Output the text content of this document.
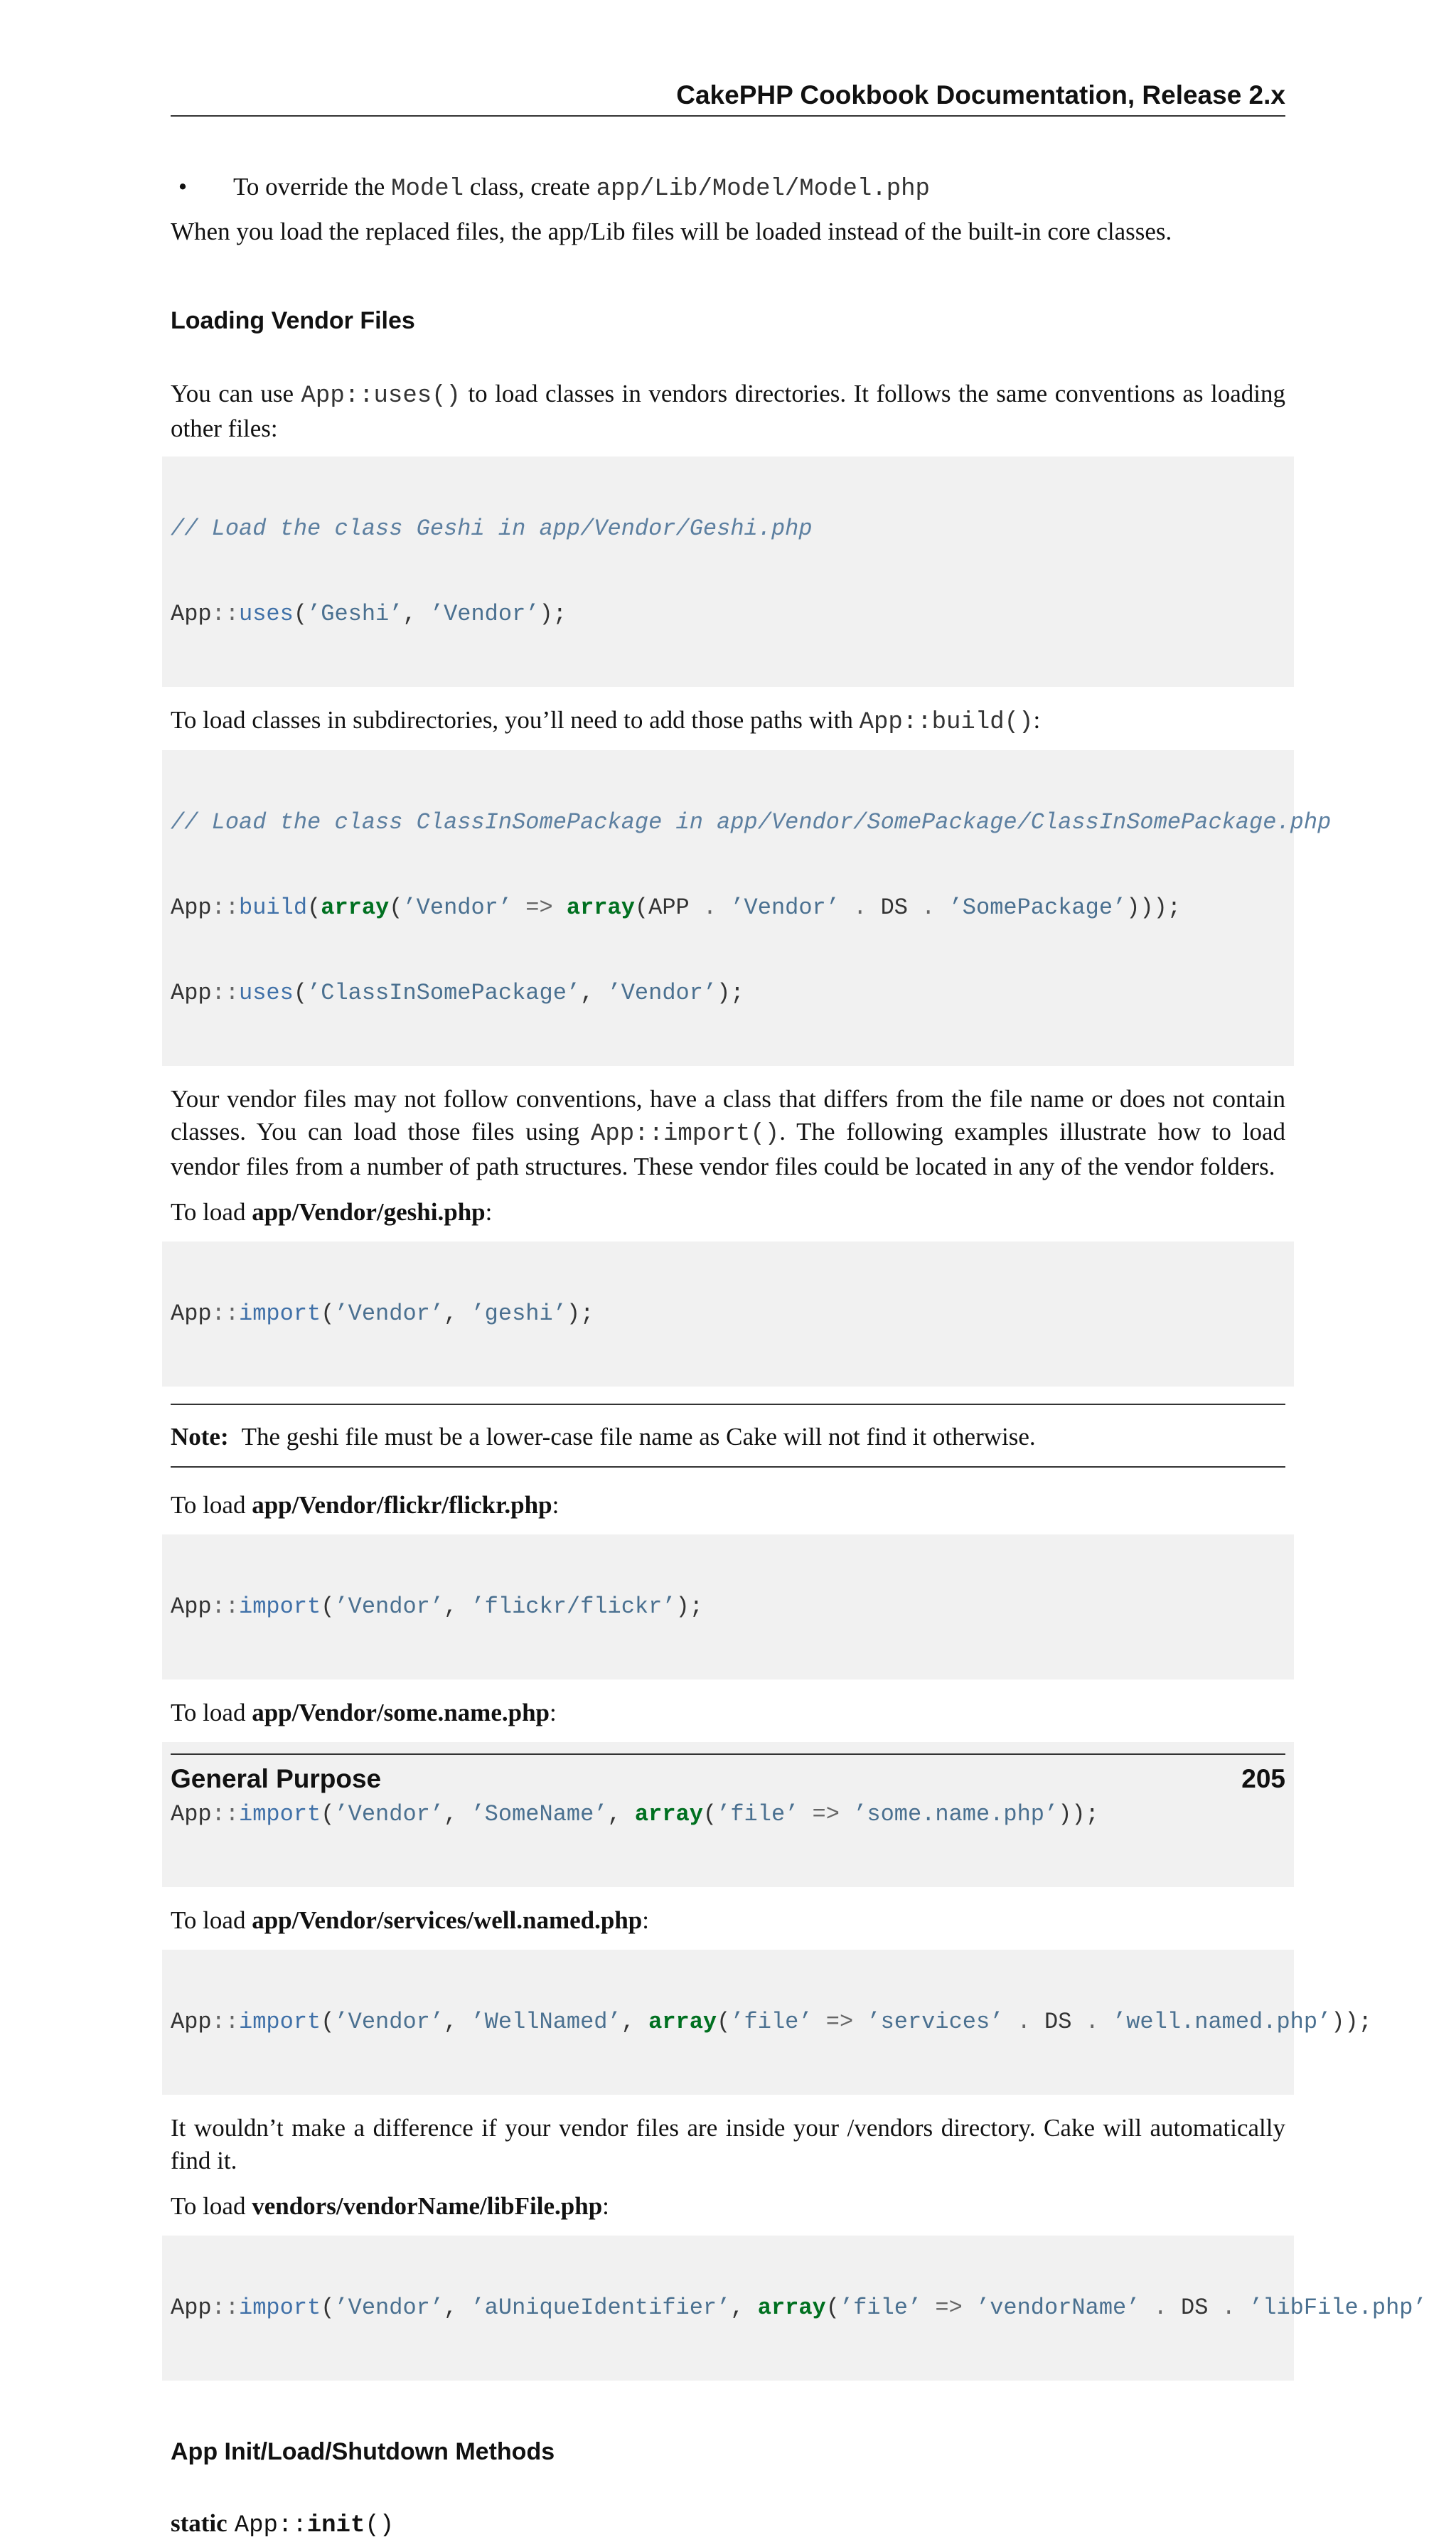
CakePHP Cookbook Documentation, Release 2.x
• To override the Model class, create app/Lib/Model/Model.php

When you load the replaced files, the app/Lib files will be loaded instead of the built-in core classes.

Loading Vendor Files

You can use App::uses() to load classes in vendors directories. It follows the same conventions as loading other files:

// Load the class Geshi in app/Vendor/Geshi.php

App::uses(’Geshi’, ’Vendor’);

To load classes in subdirectories, you’ll need to add those paths with App::build():

// Load the class ClassInSomePackage in app/Vendor/SomePackage/ClassInSomePackage.php

App::build(array(’Vendor’ => array(APP . ’Vendor’ . DS . ’SomePackage’)));

App::uses(’ClassInSomePackage’, ’Vendor’);

Your vendor files may not follow conventions, have a class that differs from the file name or does not contain classes. You can load those files using App::import(). The following examples illustrate how to load vendor files from a number of path structures. These vendor files could be located in any of the vendor folders.

To load app/Vendor/geshi.php:

App::import(’Vendor’, ’geshi’);

Note: The geshi file must be a lower-case file name as Cake will not find it otherwise.

To load app/Vendor/flickr/flickr.php:

App::import(’Vendor’, ’flickr/flickr’);

To load app/Vendor/some.name.php:

App::import(’Vendor’, ’SomeName’, array(’file’ => ’some.name.php’));

To load app/Vendor/services/well.named.php:

App::import(’Vendor’, ’WellNamed’, array(’file’ => ’services’ . DS . ’well.named.php’));

It wouldn’t make a difference if your vendor files are inside your /vendors directory. Cake will automatically find it.

To load vendors/vendorName/libFile.php:

App::import(’Vendor’, ’aUniqueIdentifier’, array(’file’ => ’vendorName’ . DS . ’libFile.php’

App Init/Load/Shutdown Methods
static App::init()
General Purpose	205
